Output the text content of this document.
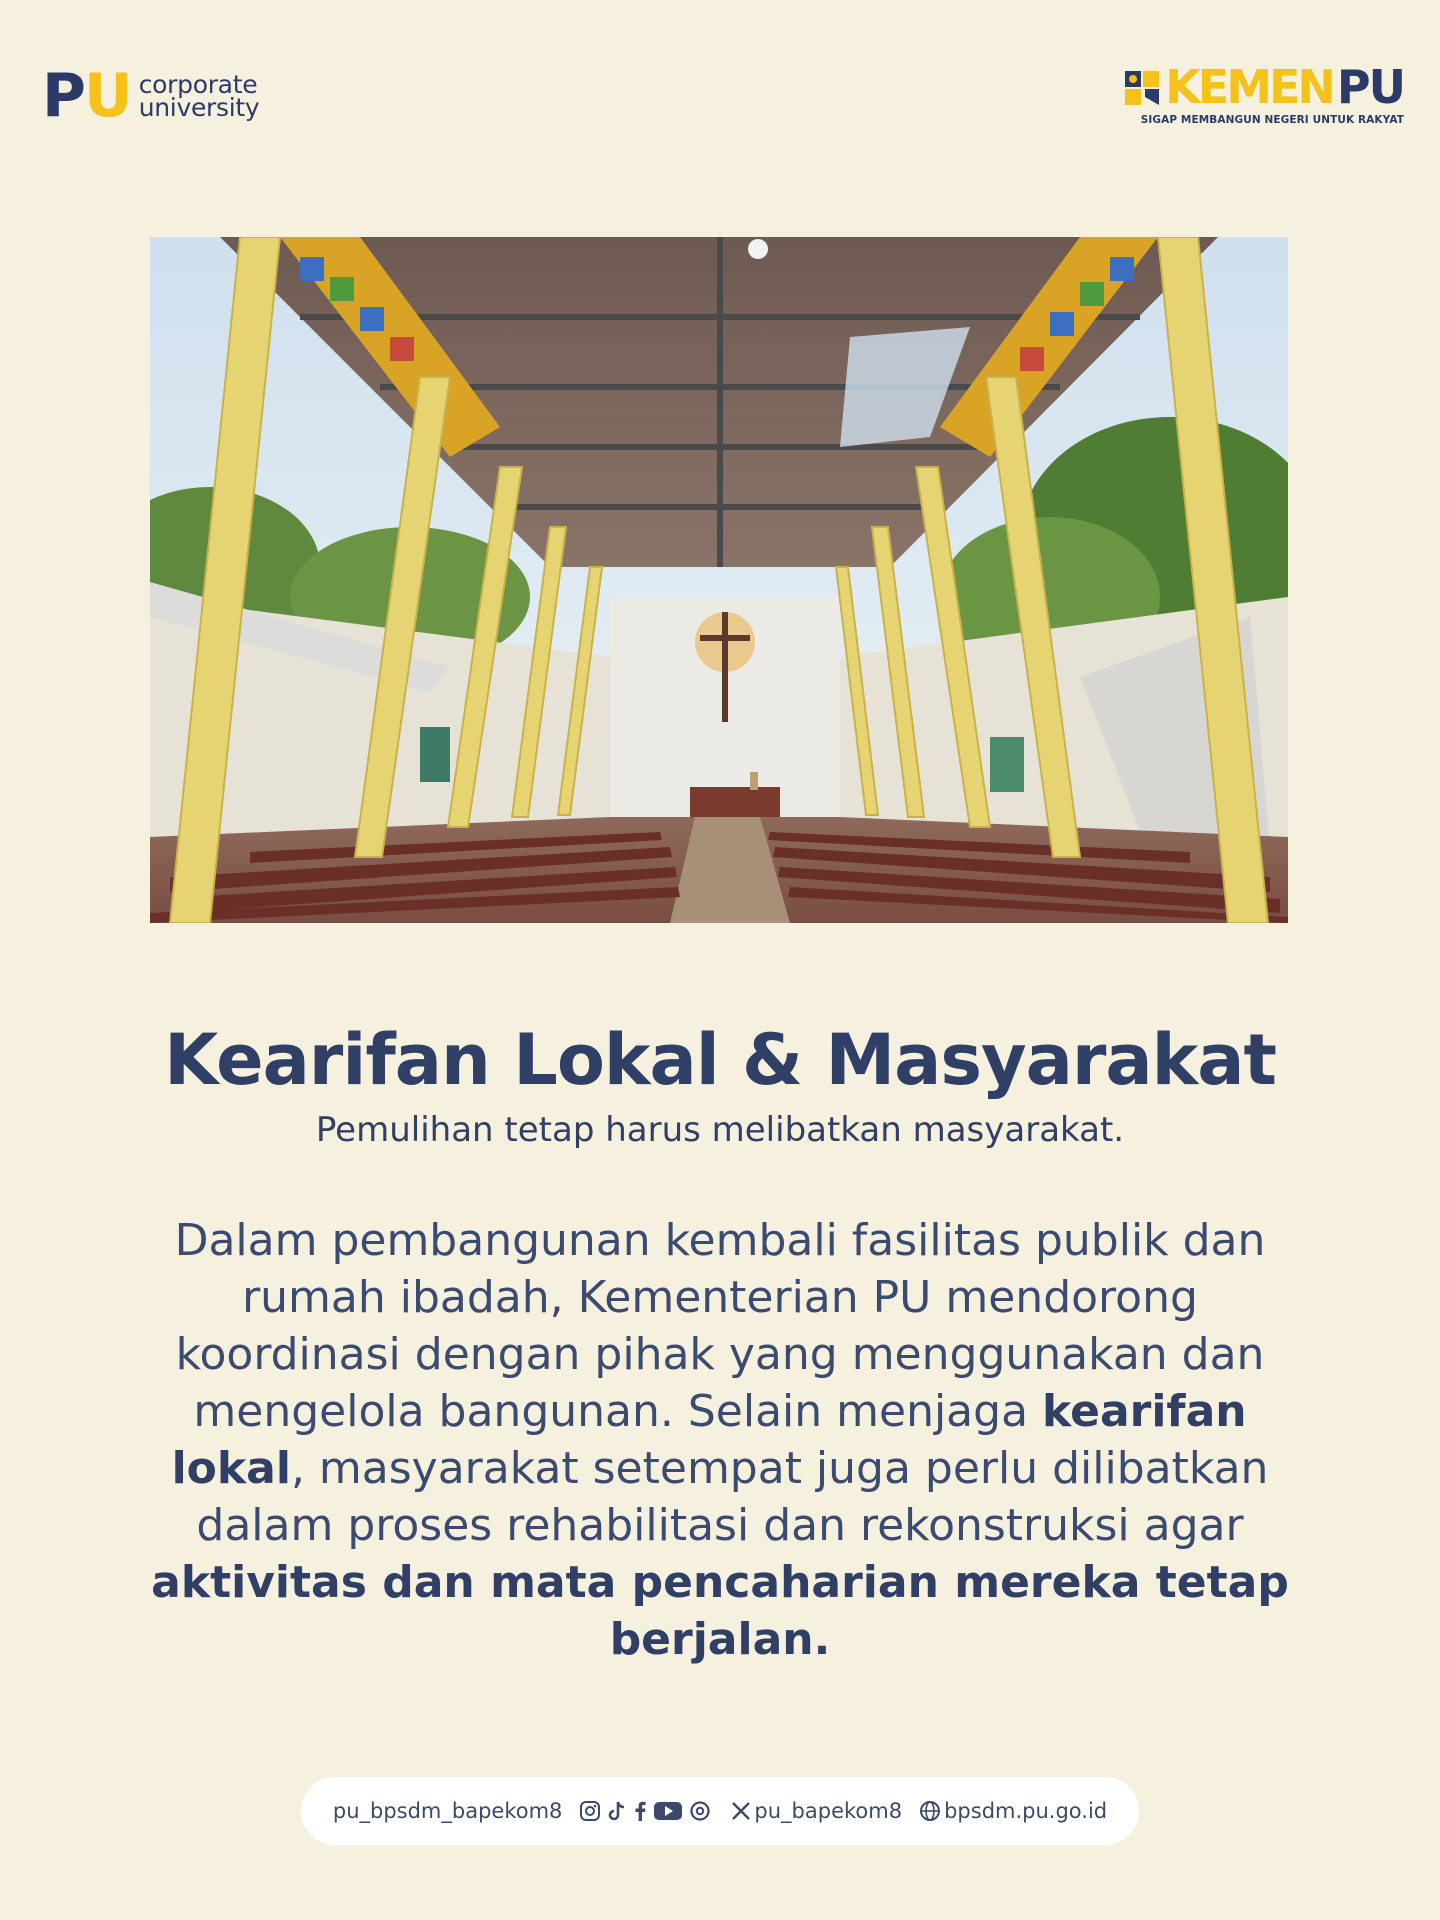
P U corporate
university	KEMEN PU
SIGAP MEMBANGUN NEGERI UNTUK RAKYAT
Kearifan Lokal & Masyarakat

Pemulihan tetap harus melibatkan masyarakat.

Dalam pembangunan kembali fasilitas publik dan rumah ibadah, Kementerian PU mendorong koordinasi dengan pihak yang menggunakan dan mengelola bangunan. Selain menjaga kearifan lokal, masyarakat setempat juga perlu dilibatkan dalam proses rehabilitasi dan rekonstruksi agar aktivitas dan mata pencaharian mereka tetap berjalan.

pu_bpsdm_bapekom8	pu_bapekom8 bpsdm.pu.go.id
